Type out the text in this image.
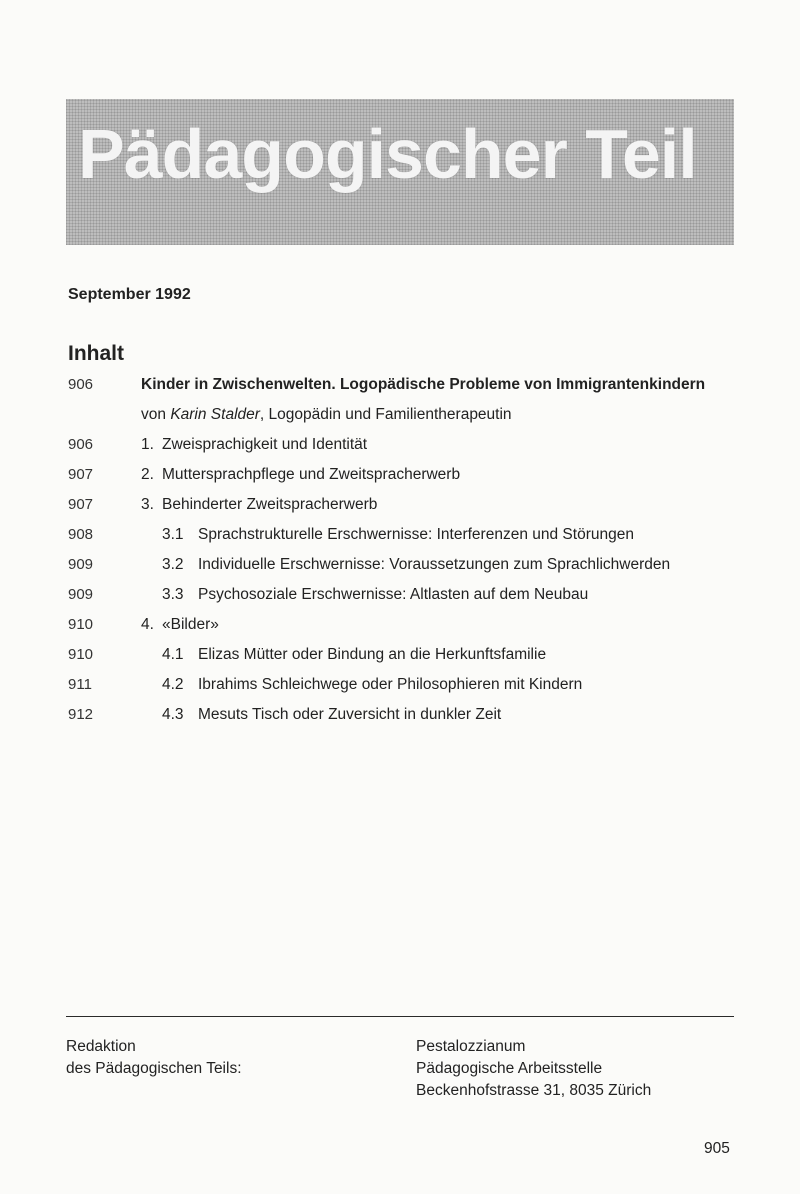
Pädagogischer Teil
September 1992
Inhalt
906	Kinder in Zwischenwelten. Logopädische Probleme von Immigrantenkindern
von Karin Stalder, Logopädin und Familientherapeutin
906	1. Zweisprachigkeit und Identität
907	2. Muttersprachpflege und Zweitspracherwerb
907	3. Behinderter Zweitspracherwerb
908	3.1 Sprachstrukturelle Erschwernisse: Interferenzen und Störungen
909	3.2 Individuelle Erschwernisse: Voraussetzungen zum Sprachlichwerden
909	3.3 Psychosoziale Erschwernisse: Altlasten auf dem Neubau
910	4. «Bilder»
910	4.1 Elizas Mütter oder Bindung an die Herkunftsfamilie
911	4.2 Ibrahims Schleichwege oder Philosophieren mit Kindern
912	4.3 Mesuts Tisch oder Zuversicht in dunkler Zeit
Redaktion
des Pädagogischen Teils:
Pestalozzianum
Pädagogische Arbeitsstelle
Beckenhofstrasse 31, 8035 Zürich
905
